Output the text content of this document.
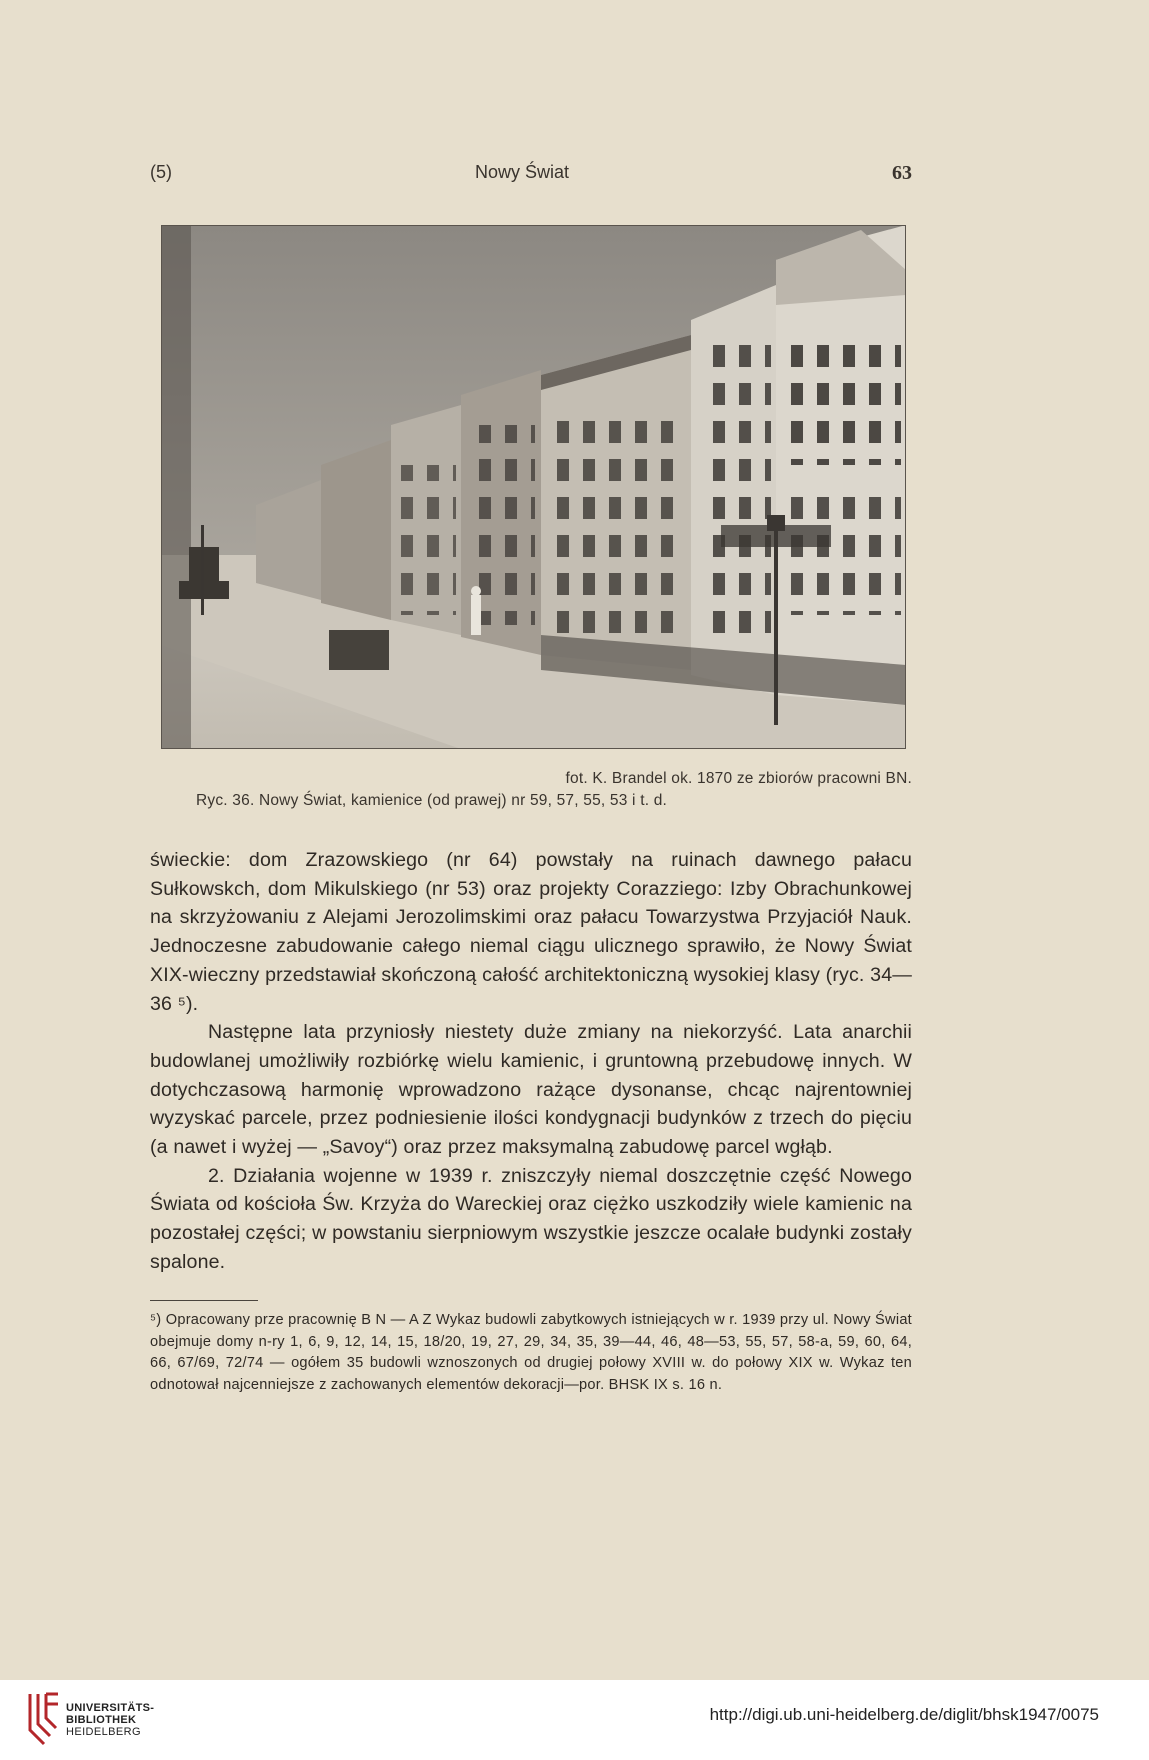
(5)	Nowy Świat	63
fot. K. Brandel ok. 1870 ze zbiorów pracowni BN.
Ryc. 36. Nowy Świat, kamienice (od prawej) nr 59, 57, 55, 53 i t. d.

świeckie: dom Zrazowskiego (nr 64) powstały na ruinach dawnego pałacu Sułkowskch, dom Mikulskiego (nr 53) oraz projekty Corazziego: Izby Obrachunkowej na skrzyżowaniu z Alejami Jerozolimskimi oraz pałacu Towarzystwa Przyjaciół Nauk. Jednoczesne zabudowanie całego niemal ciągu ulicznego sprawiło, że Nowy Świat XIX-wieczny przedstawiał skończoną całość architektoniczną wysokiej klasy (ryc. 34—36 ⁵).

Następne lata przyniosły niestety duże zmiany na niekorzyść. Lata anarchii budowlanej umożliwiły rozbiórkę wielu kamienic, i gruntowną przebudowę innych. W dotychczasową harmonię wprowadzono rażące dysonanse, chcąc najrentowniej wyzyskać parcele, przez podniesienie ilości kondygnacji budynków z trzech do pięciu (a nawet i wyżej — „Savoy“) oraz przez maksymalną zabudowę parcel wgłąb.

2. Działania wojenne w 1939 r. zniszczyły niemal doszczętnie część Nowego Świata od kościoła Św. Krzyża do Wareckiej oraz ciężko uszkodziły wiele kamienic na pozostałej części; w powstaniu sierpniowym wszystkie jeszcze ocalałe budynki zostały spalone.

⁵) Opracowany prze pracownię B N — A Z Wykaz budowli zabytkowych istniejących w r. 1939 przy ul. Nowy Świat obejmuje domy n-ry 1, 6, 9, 12, 14, 15, 18/20, 19, 27, 29, 34, 35, 39—44, 46, 48—53, 55, 57, 58-a, 59, 60, 64, 66, 67/69, 72/74 — ogółem 35 budowli wznoszonych od drugiej połowy XVIII w. do połowy XIX w. Wykaz ten odnotował najcenniejsze z zachowanych elementów dekoracji—por. BHSK IX s. 16 n.
UNIVERSITÄTS-
BIBLIOTHEK
HEIDELBERG
http://digi.ub.uni-heidelberg.de/diglit/bhsk1947/0075
